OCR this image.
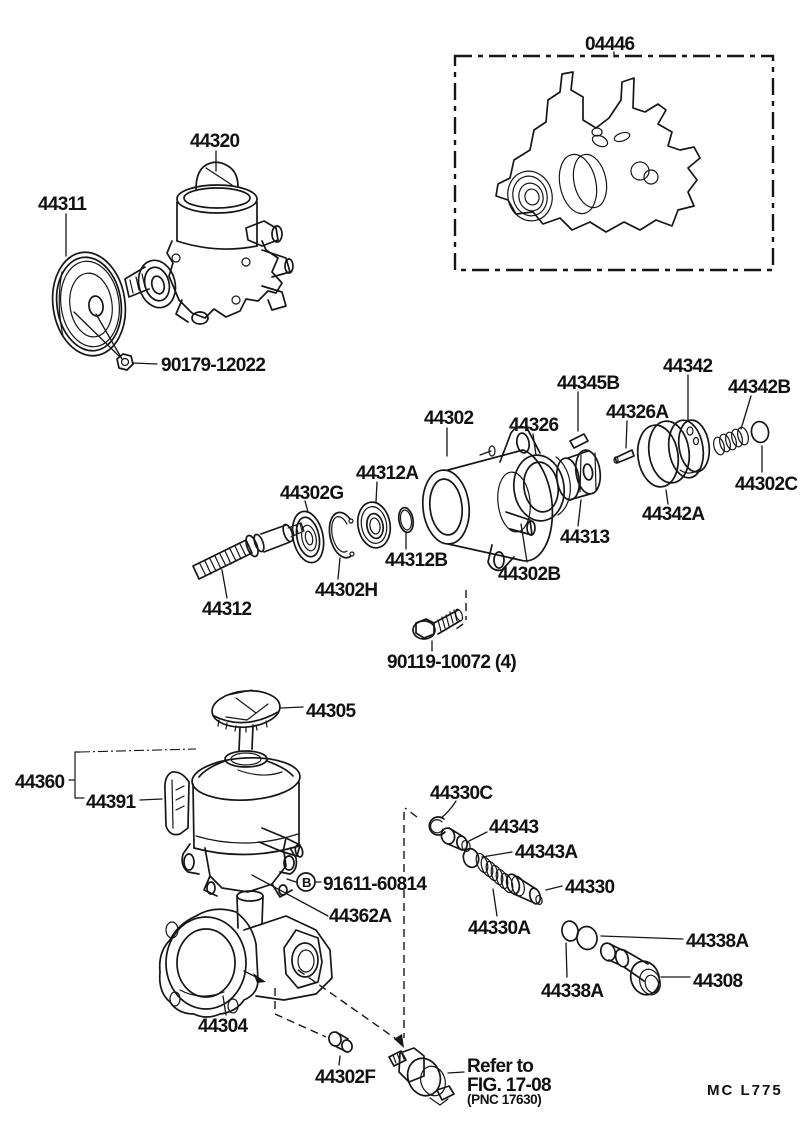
04446
44320
44311
90179-12022
44302
44345B
44342
44342B
44326A
44326
44312A
44302G	44302C
44342A
44313
44312B
44302B
44302H
44312
90119-10072 (4)
44305
44360
44391	44330C
44343
44343A
44330
B 91611-60814
44362A
44330A
44338A
44308
44338A
44304
44302F
Refer to
FIG. 17-08
(PNC 17630)
MC L775
